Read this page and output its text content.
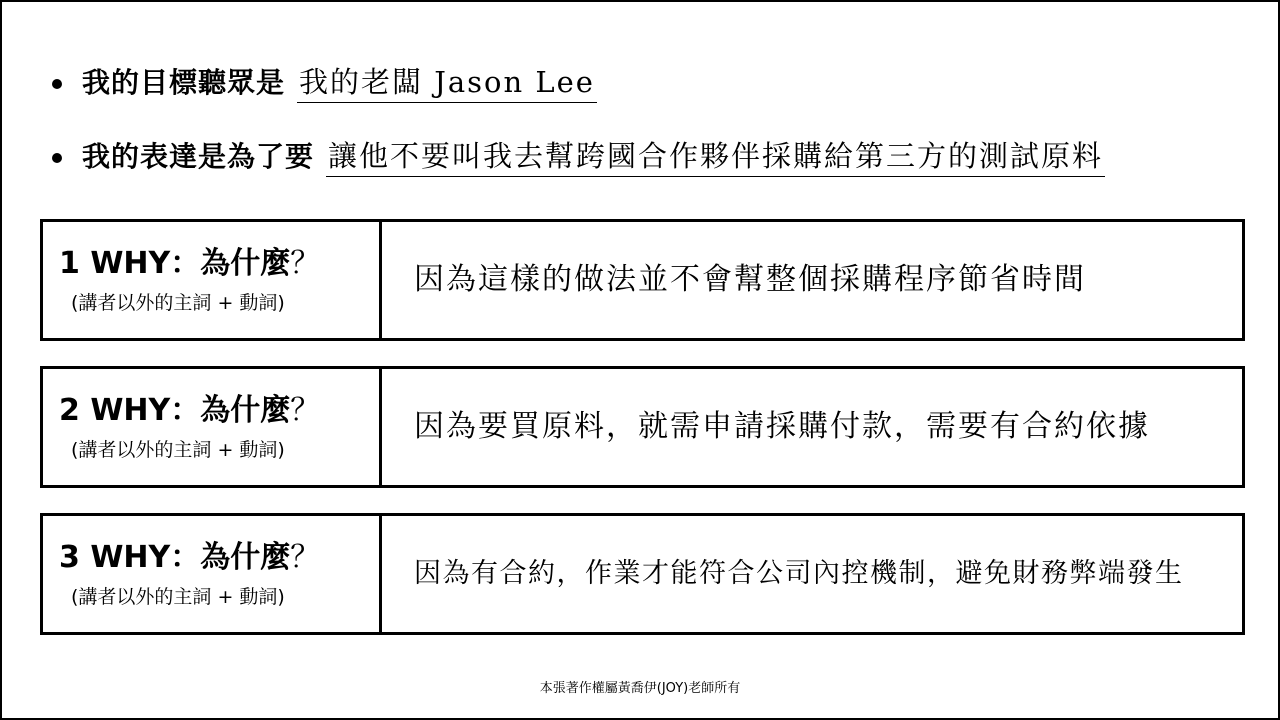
我的目標聽眾是 我的老闆 Jason Lee
我的表達是為了要 讓他不要叫我去幫跨國合作夥伴採購給第三方的測試原料
1 WHY：為什麼？
(講者以外的主詞 + 動詞)
因為這樣的做法並不會幫整個採購程序節省時間
2 WHY：為什麼？
(講者以外的主詞 + 動詞)
因為要買原料，就需申請採購付款，需要有合約依據
3 WHY：為什麼？
(講者以外的主詞 + 動詞)
因為有合約，作業才能符合公司內控機制，避免財務弊端發生
本張著作權屬黃喬伊(JOY)老師所有
